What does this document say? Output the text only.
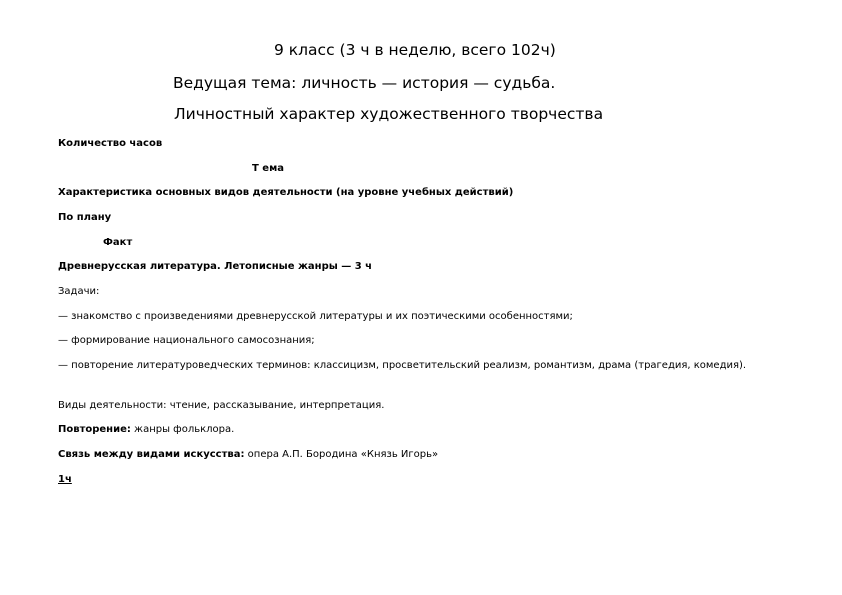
9 класс (3 ч в неделю, всего 102ч)
Ведущая тема: личность — история — судьба.
Личностный характер художественного творчества
Количество часов
Т ема
Характеристика основных видов деятельности (на уровне учебных действий)
По плану
Факт
Древнерусская литература. Летописные жанры — 3 ч
Задачи:
— знакомство с произведениями древнерусской литературы и их поэтическими особенностями;
— формирование национального самосознания;
— повторение литературоведческих терминов: классицизм, просветительский реализм, романтизм, драма (трагедия, комедия).
Виды деятельности: чтение, рассказывание, интерпретация.
Повторение: жанры фольклора.
Связь между видами искусства: опера А.П. Бородина «Князь Игорь»
1ч
